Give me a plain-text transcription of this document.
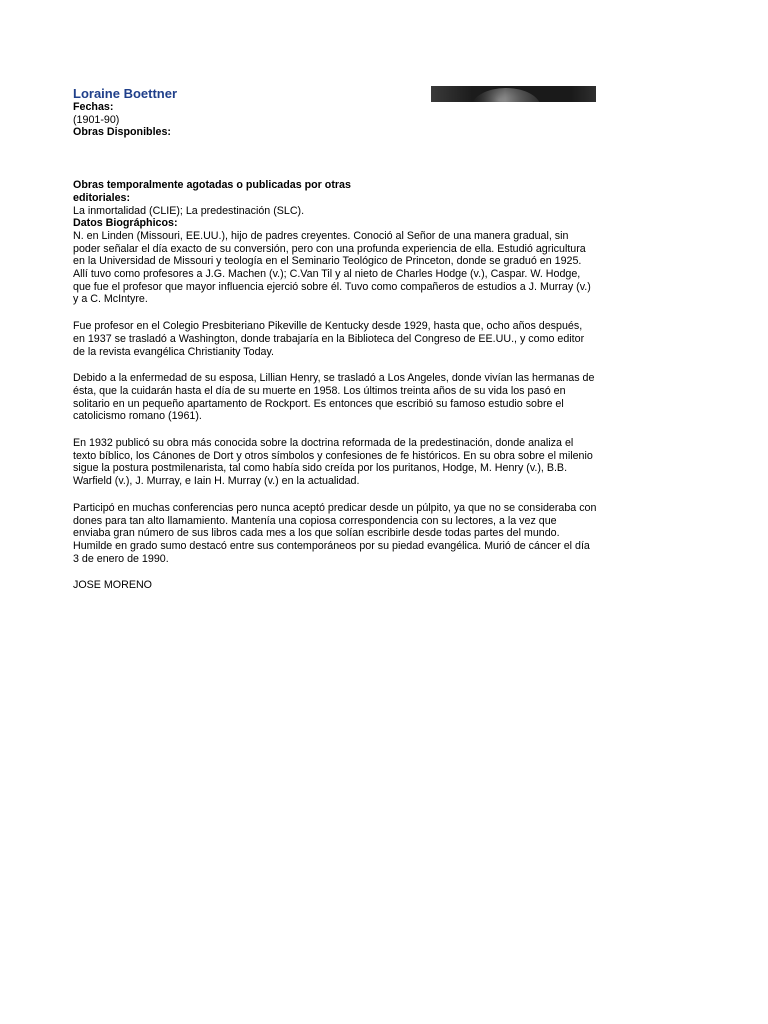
Loraine Boettner
Fechas:
(1901-90)
Obras Disponibles:
Obras temporalmente agotadas o publicadas por otras
editoriales:
La inmortalidad (CLIE); La predestinación (SLC).
Datos Biográphicos:

N. en Linden (Missouri, EE.UU.), hijo de padres creyentes. Conoció al Señor de una manera gradual, sin poder señalar el día exacto de su conversión, pero con una profunda experiencia de ella. Estudió agricultura en la Universidad de Missouri y teología en el Seminario Teológico de Princeton, donde se graduó en 1925. Allí tuvo como profesores a J.G. Machen (v.); C.Van Til y al nieto de Charles Hodge (v.), Caspar. W. Hodge, que fue el profesor que mayor influencia ejerció sobre él. Tuvo como compañeros de estudios a J. Murray (v.) y a C. McIntyre.

Fue profesor en el Colegio Presbiteriano Pikeville de Kentucky desde 1929, hasta que, ocho años después, en 1937 se trasladó a Washington, donde trabajaría en la Biblioteca del Congreso de EE.UU., y como editor de la revista evangélica Christianity Today.

Debido a la enfermedad de su esposa, Lillian Henry, se trasladó a Los Angeles, donde vivían las hermanas de ésta, que la cuidarán hasta el día de su muerte en 1958. Los últimos treinta años de su vida los pasó en solitario en un pequeño apartamento de Rockport. Es entonces que escribió su famoso estudio sobre el catolicismo romano (1961).

En 1932 publicó su obra más conocida sobre la doctrina reformada de la predestinación, donde analiza el texto bíblico, los Cánones de Dort y otros símbolos y confesiones de fe históricos. En su obra sobre el milenio sigue la postura postmilenarista, tal como había sido creída por los puritanos, Hodge, M. Henry (v.), B.B. Warfield (v.), J. Murray, e Iain H. Murray (v.) en la actualidad.

Participó en muchas conferencias pero nunca aceptó predicar desde un púlpito, ya que no se consideraba con dones para tan alto llamamiento. Mantenía una copiosa correspondencia con su lectores, a la vez que enviaba gran número de sus libros cada mes a los que solían escribirle desde todas partes del mundo. Humilde en grado sumo destacó entre sus contemporáneos por su piedad evangélica. Murió de cáncer el día 3 de enero de 1990.

JOSE MORENO
